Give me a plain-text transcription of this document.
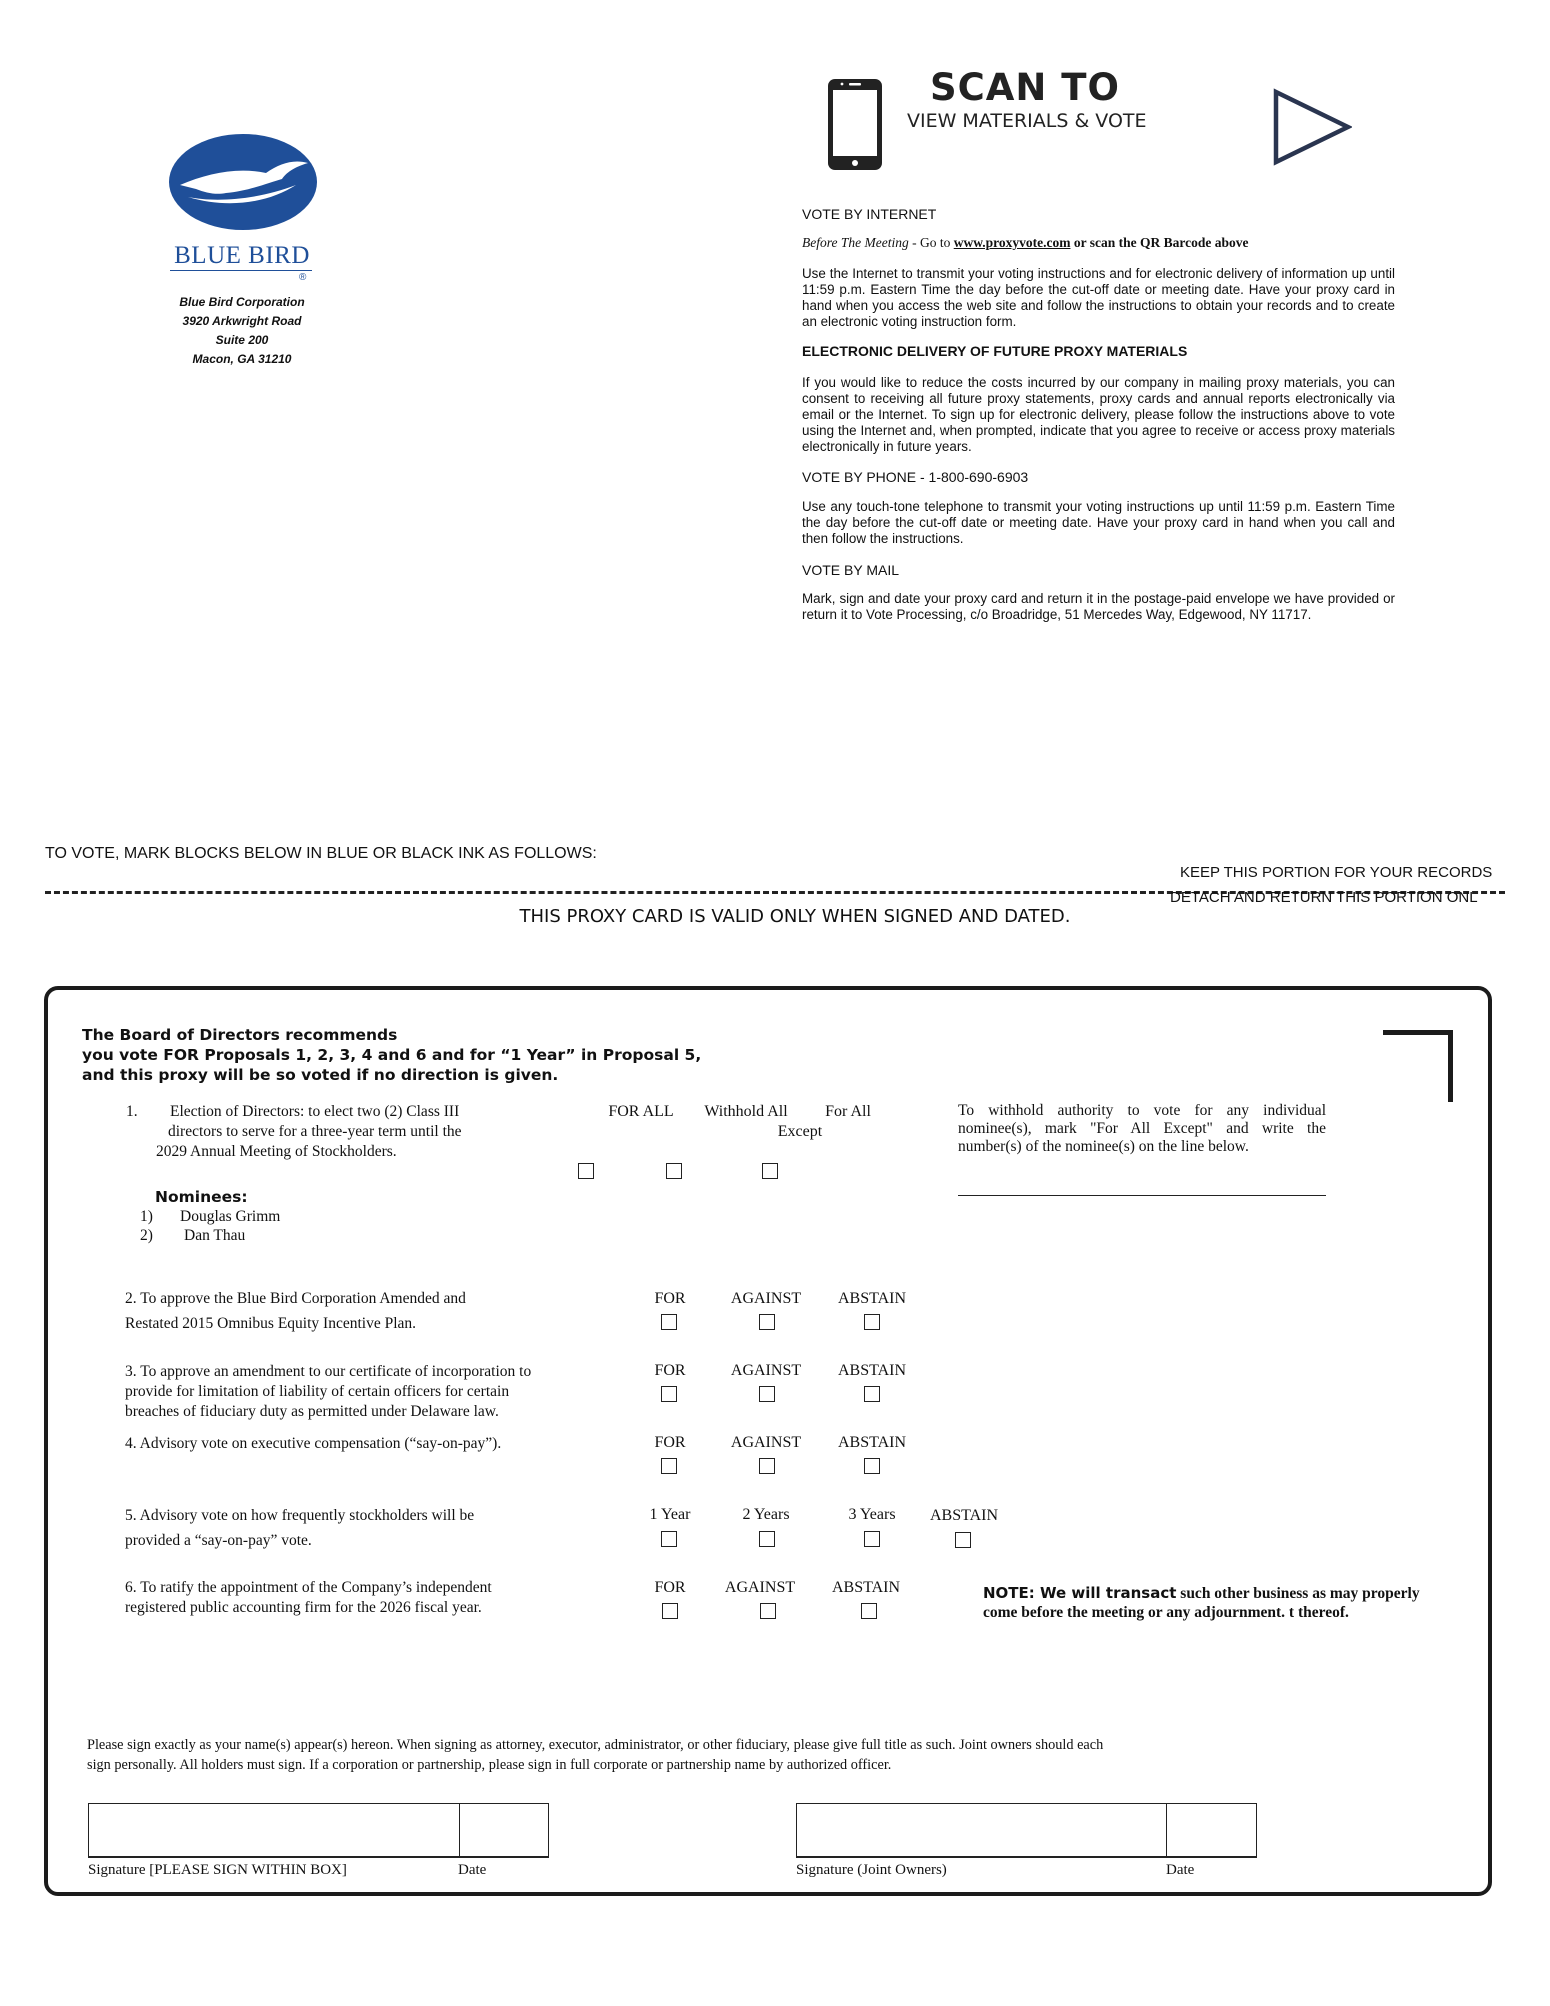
BLUE BIRD
®
Blue Bird Corporation
3920 Arkwright Road
Suite 200
Macon, GA 31210
SCAN TO
VIEW MATERIALS & VOTE
VOTE BY INTERNET
Before The Meeting - Go to www.proxyvote.com or scan the QR Barcode above
Use the Internet to transmit your voting instructions and for electronic delivery of information up until 11:59 p.m. Eastern Time the day before the cut-off date or meeting date. Have your proxy card in hand when you access the web site and follow the instructions to obtain your records and to create an electronic voting instruction form.
ELECTRONIC DELIVERY OF FUTURE PROXY MATERIALS
If you would like to reduce the costs incurred by our company in mailing proxy materials, you can consent to receiving all future proxy statements, proxy cards and annual reports electronically via email or the Internet. To sign up for electronic delivery, please follow the instructions above to vote using the Internet and, when prompted, indicate that you agree to receive or access proxy materials electronically in future years.
VOTE BY PHONE - 1-800-690-6903
Use any touch-tone telephone to transmit your voting instructions up until 11:59 p.m. Eastern Time the day before the cut-off date or meeting date. Have your proxy card in hand when you call and then follow the instructions.
VOTE BY MAIL
Mark, sign and date your proxy card and return it in the postage-paid envelope we have provided or return it to Vote Processing, c/o Broadridge, 51 Mercedes Way, Edgewood, NY 11717.
TO VOTE, MARK BLOCKS BELOW IN BLUE OR BLACK INK AS FOLLOWS:
KEEP THIS PORTION FOR YOUR RECORDS
DETACH AND RETURN THIS PORTION ONL
THIS PROXY CARD IS VALID ONLY WHEN SIGNED AND DATED.
The Board of Directors recommends
you vote FOR Proposals 1, 2, 3, 4 and 6 and for “1 Year” in Proposal 5,
and this proxy will be so voted if no direction is given.
1. Election of Directors: to elect two (2) Class III
directors to serve for a three-year term until the
2029 Annual Meeting of Stockholders.
FOR ALL	Withhold All	For All
Except
To withhold authority to vote for any individual nominee(s), mark "For All Except" and write the number(s) of the nominee(s) on the line below.
Nominees:
1) Douglas Grimm
2) Dan Thau
2. To approve the Blue Bird Corporation Amended and
Restated 2015 Omnibus Equity Incentive Plan.
FOR	AGAINST	ABSTAIN
3. To approve an amendment to our certificate of incorporation to
provide for limitation of liability of certain officers for certain
breaches of fiduciary duty as permitted under Delaware law.
FOR	AGAINST	ABSTAIN
4. Advisory vote on executive compensation (“say-on-pay”).	FOR	AGAINST	ABSTAIN
5. Advisory vote on how frequently stockholders will be
provided a “say-on-pay” vote.
1 Year	2 Years	3 Years	ABSTAIN
6. To ratify the appointment of the Company’s independent
registered public accounting firm for the 2026 fiscal year.
FOR	AGAINST	ABSTAIN	NOTE: We will transact such other business as may properly
come before the meeting or any adjournment. t thereof.
Please sign exactly as your name(s) appear(s) hereon. When signing as attorney, executor, administrator, or other fiduciary, please give full title as such. Joint owners should each
sign personally. All holders must sign. If a corporation or partnership, please sign in full corporate or partnership name by authorized officer.
Signature [PLEASE SIGN WITHIN BOX]	Date	Signature (Joint Owners)	Date
